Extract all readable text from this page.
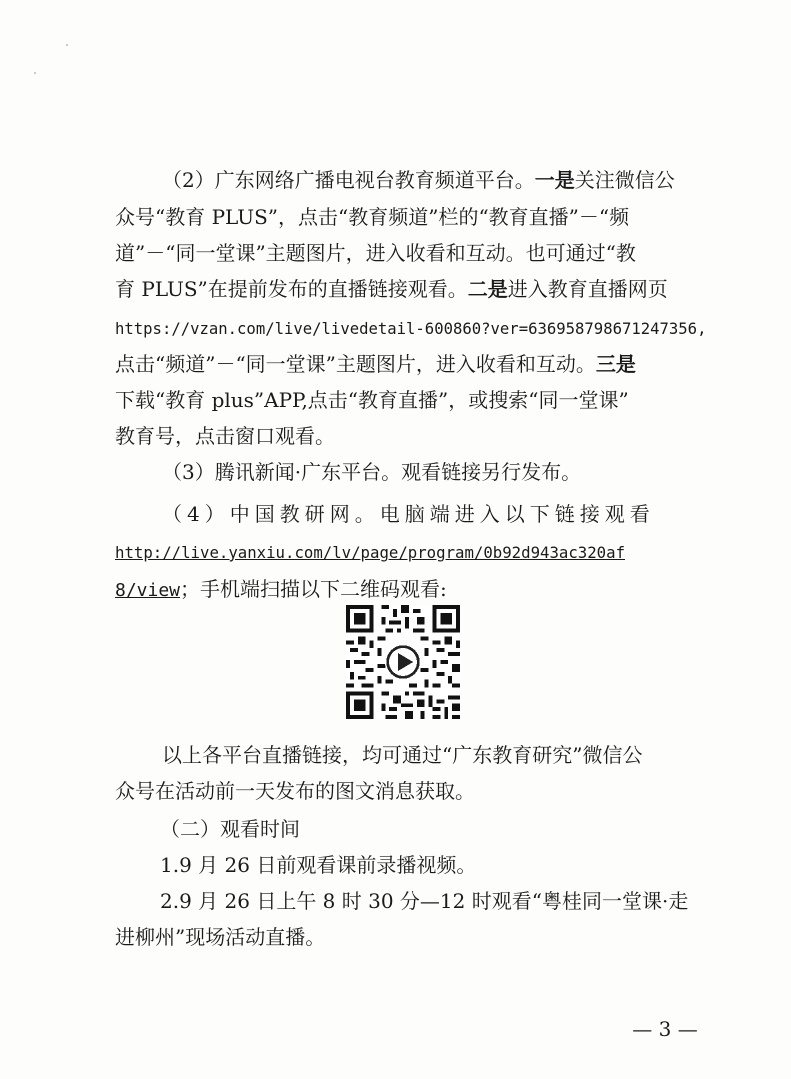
（2）广东网络广播电视台教育频道平台。一是关注微信公
众号“教育 PLUS”，点击“教育频道”栏的“教育直播”－“频
道”－“同一堂课”主题图片，进入收看和互动。也可通过“教
育 PLUS”在提前发布的直播链接观看。二是进入教育直播网页
https://vzan.com/live/livedetail-600860?ver=636958798671247356,
点击“频道”－“同一堂课”主题图片，进入收看和互动。三是
下载“教育 plus”APP,点击“教育直播”，或搜索“同一堂课”
教育号，点击窗口观看。
（3）腾讯新闻·广东平台。观看链接另行发布。
（4）中国教研网。电脑端进入以下链接观看
http://live.yanxiu.com/lv/page/program/0b92d943ac320af
8/view；手机端扫描以下二维码观看:
以上各平台直播链接，均可通过“广东教育研究”微信公
众号在活动前一天发布的图文消息获取。
（二）观看时间
1.9 月 26 日前观看课前录播视频。
2.9 月 26 日上午 8 时 30 分—12 时观看“粤桂同一堂课·走
进柳州”现场活动直播。
— 3 —
